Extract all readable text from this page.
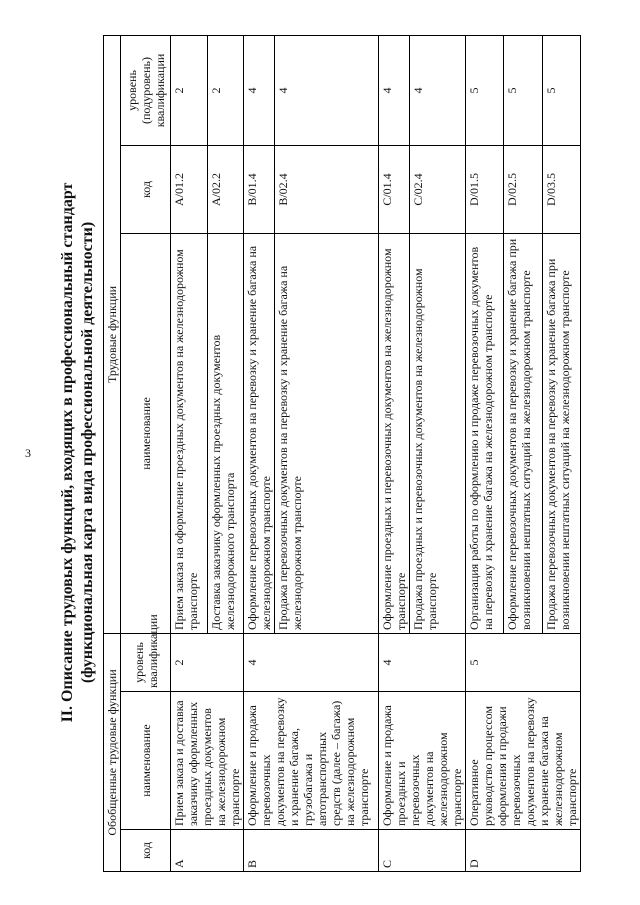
3 II. Описание трудовых функций, входящих в профессиональный стандарт (функциональная карта вида профессиональной деятельности)
Обобщенные трудовые функции			Трудовые функции		
код	наименование	уровень квалификации	наименование	код	уровень (подуровень) квалификации
A	Прием заказа и доставка заказчику оформленных проездных документов на железнодорожном транспорте	2	Прием заказа на оформление проездных документов на железнодорожном транспорте	A/01.2	2
			Доставка заказчику оформленных проездных документов железнодорожного транспорта	A/02.2	2
B	Оформление и продажа перевозочных документов на перевозку и хранение багажа, грузобагажа и автотранспортных средств (далее – багажа) на железнодорожном транспорте	4	Оформление перевозочных документов на перевозку и хранение багажа на железнодорожном транспорте	B/01.4	4
			Продажа перевозочных документов на перевозку и хранение багажа на железнодорожном транспорте	B/02.4	4
C	Оформление и продажа проездных и перевозочных документов на железнодорожном транспорте	4	Оформление проездных и перевозочных документов на железнодорожном транспорте	C/01.4	4
			Продажа проездных и перевозочных документов на железнодорожном транспорте	C/02.4	4
D	Оперативное руководство процессом оформления и продажи перевозочных документов на перевозку и хранение багажа на железнодорожном транспорте	5	Организация работы по оформлению и продаже перевозочных документов на перевозку и хранение багажа на железнодорожном транспорте	D/01.5	5
			Оформление перевозочных документов на перевозку и хранение багажа при возникновении нештатных ситуаций на железнодорожном транспорте	D/02.5	5
			Продажа перевозочных документов на перевозку и хранение багажа при возникновении нештатных ситуаций на железнодорожном транспорте	D/03.5	5
